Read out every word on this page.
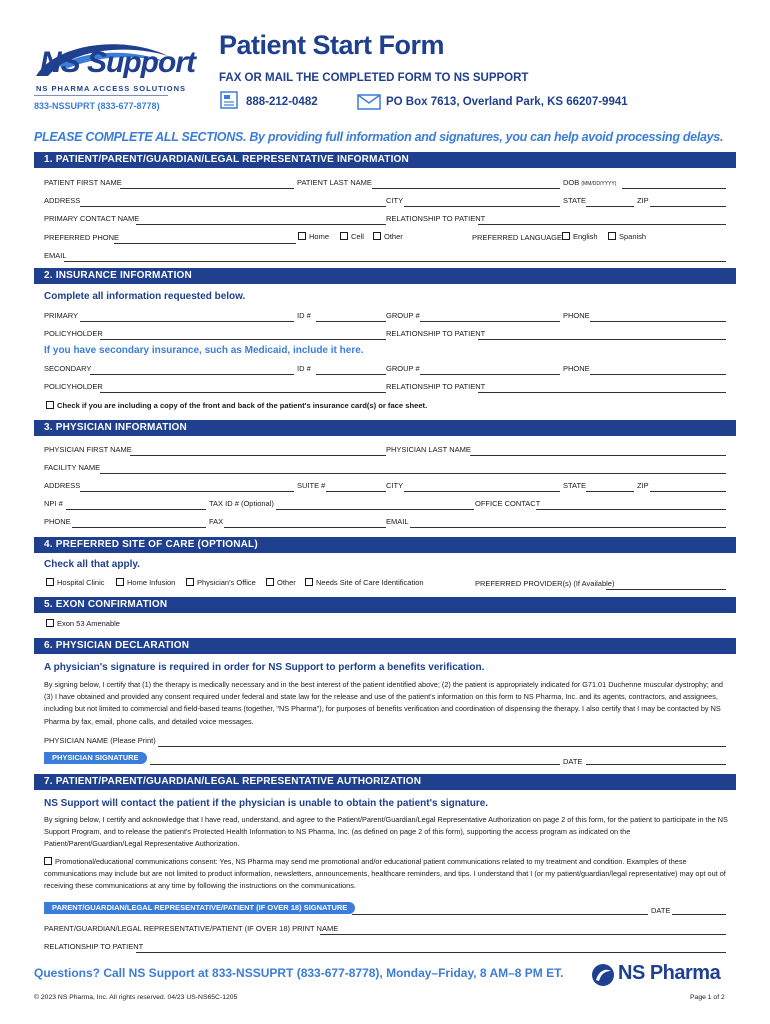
NS Support
NS PHARMA ACCESS SOLUTIONS
833-NSSUPRT (833-677-8778)
Patient Start Form
FAX OR MAIL THE COMPLETED FORM TO NS SUPPORT
888-212-0482	PO Box 7613, Overland Park, KS 66207-9941
PLEASE COMPLETE ALL SECTIONS. By providing full information and signatures, you can help avoid processing delays.
1. PATIENT/PARENT/GUARDIAN/LEGAL REPRESENTATIVE INFORMATION
PATIENT FIRST NAME	PATIENT LAST NAME	DOB (MM/DD/YYYY)
ADDRESS	CITY	STATE	ZIP
PRIMARY CONTACT NAME	RELATIONSHIP TO PATIENT
PREFERRED PHONE	Home	Cell	Other	PREFERRED LANGUAGE	English	Spanish
EMAIL
2. INSURANCE INFORMATION
Complete all information requested below.
PRIMARY	ID #	GROUP #	PHONE
POLICYHOLDER	RELATIONSHIP TO PATIENT
If you have secondary insurance, such as Medicaid, include it here.
SECONDARY	ID #	GROUP #	PHONE
POLICYHOLDER	RELATIONSHIP TO PATIENT
Check if you are including a copy of the front and back of the patient's insurance card(s) or face sheet.
3. PHYSICIAN INFORMATION
PHYSICIAN FIRST NAME	PHYSICIAN LAST NAME
FACILITY NAME
ADDRESS	SUITE #	CITY	STATE	ZIP
NPI #	TAX ID # (Optional)	OFFICE CONTACT
PHONE	FAX	EMAIL
4. PREFERRED SITE OF CARE (OPTIONAL)
Check all that apply.
Hospital Clinic	Home Infusion	Physician's Office	Other	Needs Site of Care Identification	PREFERRED PROVIDER(s) (If Available)
5. EXON CONFIRMATION
Exon 53 Amenable
6. PHYSICIAN DECLARATION
A physician's signature is required in order for NS Support to perform a benefits verification.
By signing below, I certify that (1) the therapy is medically necessary and in the best interest of the patient identified above; (2) the patient is appropriately indicated for G71.01 Duchenne muscular dystrophy; and (3) I have obtained and provided any consent required under federal and state law for the release and use of the patient's information on this form to NS Pharma, Inc. and its agents, contractors, and assignees, including but not limited to commercial and field-based teams (together, "NS Pharma"), for purposes of benefits verification and coordination of dispensing the therapy. I also certify that I may be contacted by NS Pharma by fax, email, phone calls, and detailed voice messages.
PHYSICIAN NAME (Please Print)
PHYSICIAN SIGNATURE	DATE
7. PATIENT/PARENT/GUARDIAN/LEGAL REPRESENTATIVE AUTHORIZATION
NS Support will contact the patient if the physician is unable to obtain the patient's signature.
By signing below, I certify and acknowledge that I have read, understand, and agree to the Patient/Parent/Guardian/Legal Representative Authorization on page 2 of this form, for the patient to participate in the NS Support Program, and to release the patient's Protected Health Information to NS Pharma, Inc. (as defined on page 2 of this form), supporting the access program as indicated on the Patient/Parent/Guardian/Legal Representative Authorization.
Promotional/educational communications consent: Yes, NS Pharma may send me promotional and/or educational patient communications related to my treatment and condition. Examples of these communications may include but are not limited to product information, newsletters, announcements, healthcare reminders, and tips. I understand that I (or my patient/guardian/legal representative) may opt out of receiving these communications at any time by following the instructions on the communications.
PARENT/GUARDIAN/LEGAL REPRESENTATIVE/PATIENT (IF OVER 18) SIGNATURE	DATE
PARENT/GUARDIAN/LEGAL REPRESENTATIVE/PATIENT (IF OVER 18) PRINT NAME
RELATIONSHIP TO PATIENT
Questions? Call NS Support at 833-NSSUPRT (833-677-8778), Monday–Friday, 8 AM–8 PM ET.	NS Pharma
© 2023 NS Pharma, Inc. All rights reserved. 04/23 US-NS65C-1205	Page 1 of 2
